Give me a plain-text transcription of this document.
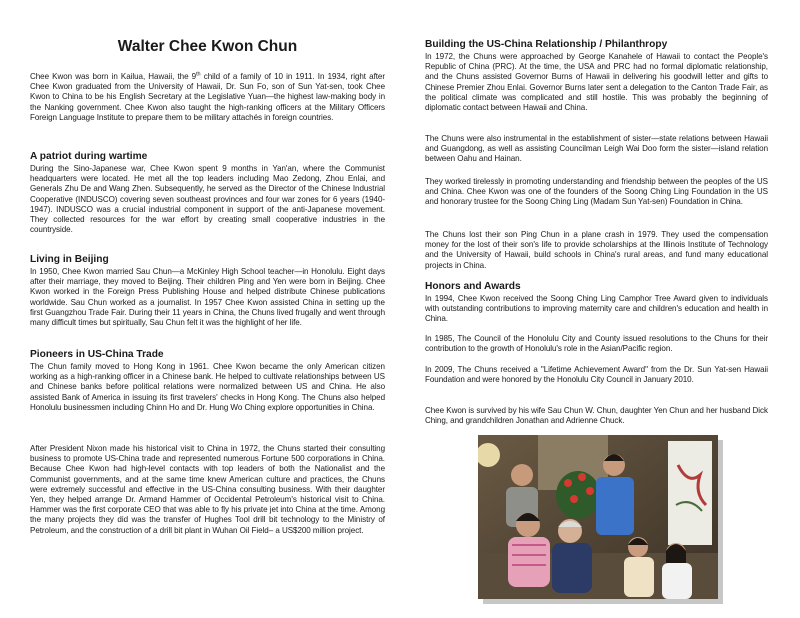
Walter Chee Kwon Chun

Chee Kwon was born in Kailua, Hawaii, the 9th child of a family of 10 in 1911. In 1934, right after Chee Kwon graduated from the University of Hawaii, Dr. Sun Fo, son of Sun Yat-sen, took Chee Kwon to China to be his English Secretary at the Legislative Yuan—the highest law-making body in the Nanking government. Chee Kwon also taught the high-ranking officers at the Military Officers Foreign Language Institute to prepare them to be military attachés in foreign countries.

A patriot during wartime

During the Sino-Japanese war, Chee Kwon spent 9 months in Yan'an, where the Communist headquarters were located. He met all the top leaders including Mao Zedong, Zhou Enlai, and Generals Zhu De and Wang Zhen. Subsequently, he served as the Director of the Chinese Industrial Cooperative (INDUSCO) covering seven southeast provinces and four war zones for 6 years (1940-1947). INDUSCO was a crucial industrial component in support of the anti-Japanese movement. They collected resources for the war effort by creating small cooperative industries in the countryside.

Living in Beijing

In 1950, Chee Kwon married Sau Chun—a McKinley High School teacher—in Honolulu. Eight days after their marriage, they moved to Beijing. Their children Ping and Yen were born in Beijing. Chee Kwon worked in the Foreign Press Publishing House and helped distribute Chinese publications worldwide. Sau Chun worked as a journalist. In 1957 Chee Kwon assisted China in setting up the first Guangzhou Trade Fair. During their 11 years in China, the Chuns lived frugally and went through many difficult times but spiritually, Sau Chun felt it was the highlight of her life.

Pioneers in US-China Trade

The Chun family moved to Hong Kong in 1961. Chee Kwon became the only American citizen working as a high-ranking officer in a Chinese bank. He helped to cultivate relationships between US and Chinese banks before political relations were normalized between US and China. He also assisted Bank of America in issuing its first travelers' checks in Hong Kong. The Chuns also helped Honolulu businessmen including Chinn Ho and Dr. Hung Wo Ching explore opportunities in China.

After President Nixon made his historical visit to China in 1972, the Chuns started their consulting business to promote US-China trade and represented numerous Fortune 500 corporations in China. Because Chee Kwon had high-level contacts with top leaders of both the Nationalist and the Communist governments, and at the same time knew American culture and practices, the Chuns were extremely successful and effective in the US-China consulting business. With their daughter Yen, they helped arrange Dr. Armand Hammer of Occidental Petroleum's historical visit to China. Hammer was the first corporate CEO that was able to fly his private jet into China at the time. Among the many projects they did was the transfer of Hughes Tool drill bit technology to the Ministry of Petroleum, and the construction of a drill bit plant in Wuhan Oil Field– a US$200 million project.

Building the US-China Relationship / Philanthropy

In 1972, the Chuns were approached by George Kanahele of Hawaii to contact the People's Republic of China (PRC). At the time, the USA and PRC had no formal diplomatic relationship, and the Chuns assisted Governor Burns of Hawaii in delivering his goodwill letter and gifts to Chinese Premier Zhou Enlai. Governor Burns later sent a delegation to the Canton Trade Fair, as the political climate was complicated and still hostile. This was probably the beginning of diplomatic contact between Hawaii and China.

The Chuns were also instrumental in the establishment of sister—state relations between Hawaii and Guangdong, as well as assisting Councilman Leigh Wai Doo form the sister—island relation between Oahu and Hainan.

They worked tirelessly in promoting understanding and friendship between the peoples of the US and China. Chee Kwon was one of the founders of the Soong Ching Ling Foundation in the US and honorary trustee for the Soong Ching Ling (Madam Sun Yat-sen) Foundation in China.

The Chuns lost their son Ping Chun in a plane crash in 1979. They used the compensation money for the lost of their son's life to provide scholarships at the Illinois Institute of Technology and the University of Hawaii, build schools in China's rural areas, and fund many educational projects in China.

Honors and Awards

In 1994, Chee Kwon received the Soong Ching Ling Camphor Tree Award given to individuals with outstanding contributions to improving maternity care and children's education and health in China.

In 1985, The Council of the Honolulu City and County issued resolutions to the Chuns for their contribution to the growth of Honolulu's role in the Asian/Pacific region.

In 2009, The Chuns received a "Lifetime Achievement Award" from the Dr. Sun Yat-sen Hawaii Foundation and were honored by the Honolulu City Council in January 2010.

Chee Kwon is survived by his wife Sau Chun W. Chun, daughter Yen Chun and her husband Dick Ching, and grandchildren Jonathan and Adrienne Chuck.
